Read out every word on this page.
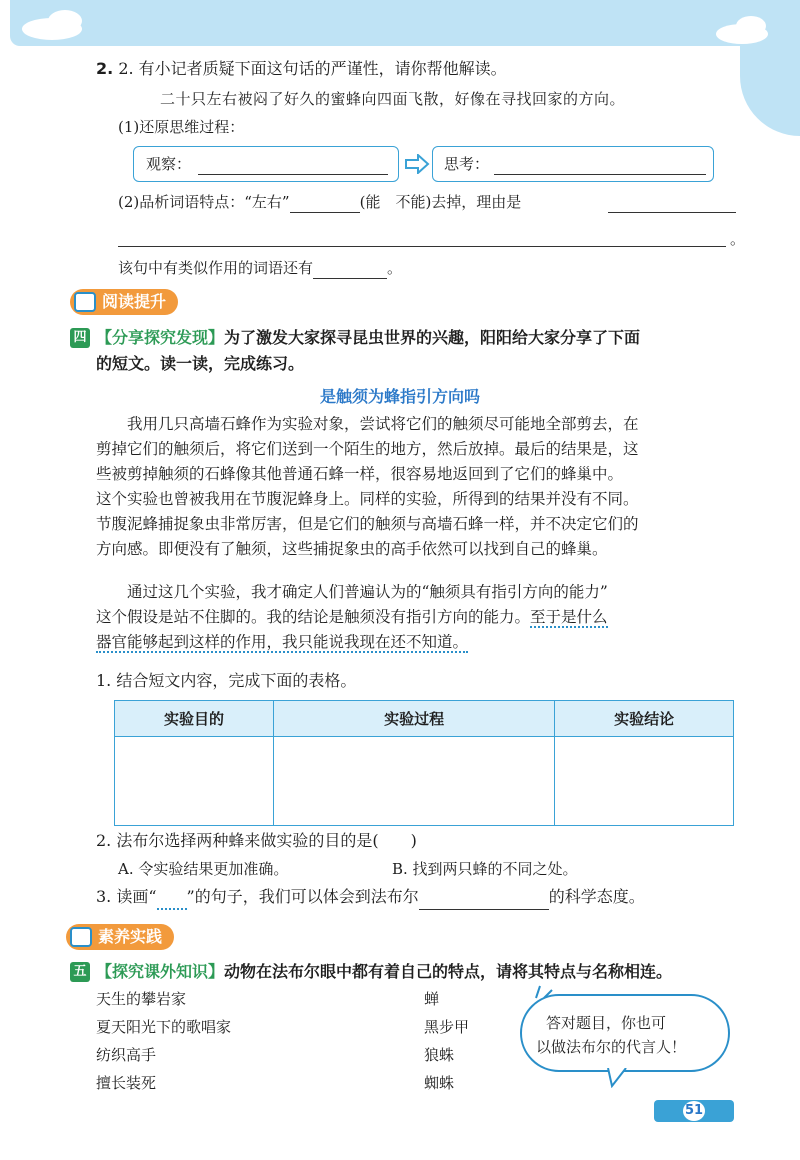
2. 2. 有小记者质疑下面这句话的严谨性，请你帮他解读。
二十只左右被闷了好久的蜜蜂向四面飞散，好像在寻找回家的方向。
(1)还原思维过程：
观察：	思考：
(2)品析词语特点：“左右”	(能　不能)去掉，理由是
。
该句中有类似作用的词语还有	。
阅读提升
四 【分享探究发现】为了激发大家探寻昆虫世界的兴趣，阳阳给大家分享了下面
的短文。读一读，完成练习。
是触须为蜂指引方向吗
我用几只高墙石蜂作为实验对象，尝试将它们的触须尽可能地全部剪去，在
剪掉它们的触须后，将它们送到一个陌生的地方，然后放掉。最后的结果是，这
些被剪掉触须的石蜂像其他普通石蜂一样，很容易地返回到了它们的蜂巢中。
这个实验也曾被我用在节腹泥蜂身上。同样的实验，所得到的结果并没有不同。
节腹泥蜂捕捉象虫非常厉害，但是它们的触须与高墙石蜂一样，并不决定它们的
方向感。即便没有了触须，这些捕捉象虫的高手依然可以找到自己的蜂巢。
通过这几个实验，我才确定人们普遍认为的“触须具有指引方向的能力”
这个假设是站不住脚的。我的结论是触须没有指引方向的能力。至于是什么
器官能够起到这样的作用，我只能说我现在还不知道。
1. 结合短文内容，完成下面的表格。
实验目的	实验过程	实验结论

2. 法布尔选择两种蜂来做实验的目的是(　　)
A. 令实验结果更加准确。	B. 找到两只蜂的不同之处。
3. 读画“ ”的句子，我们可以体会到法布尔	的科学态度。
素养实践
五 【探究课外知识】动物在法布尔眼中都有着自己的特点，请将其特点与名称相连。
天生的攀岩家
夏天阳光下的歌唱家
纺织高手
擅长装死
蝉
黑步甲
狼蛛
蜘蛛
答对题目，你也可
以做法布尔的代言人！
51
